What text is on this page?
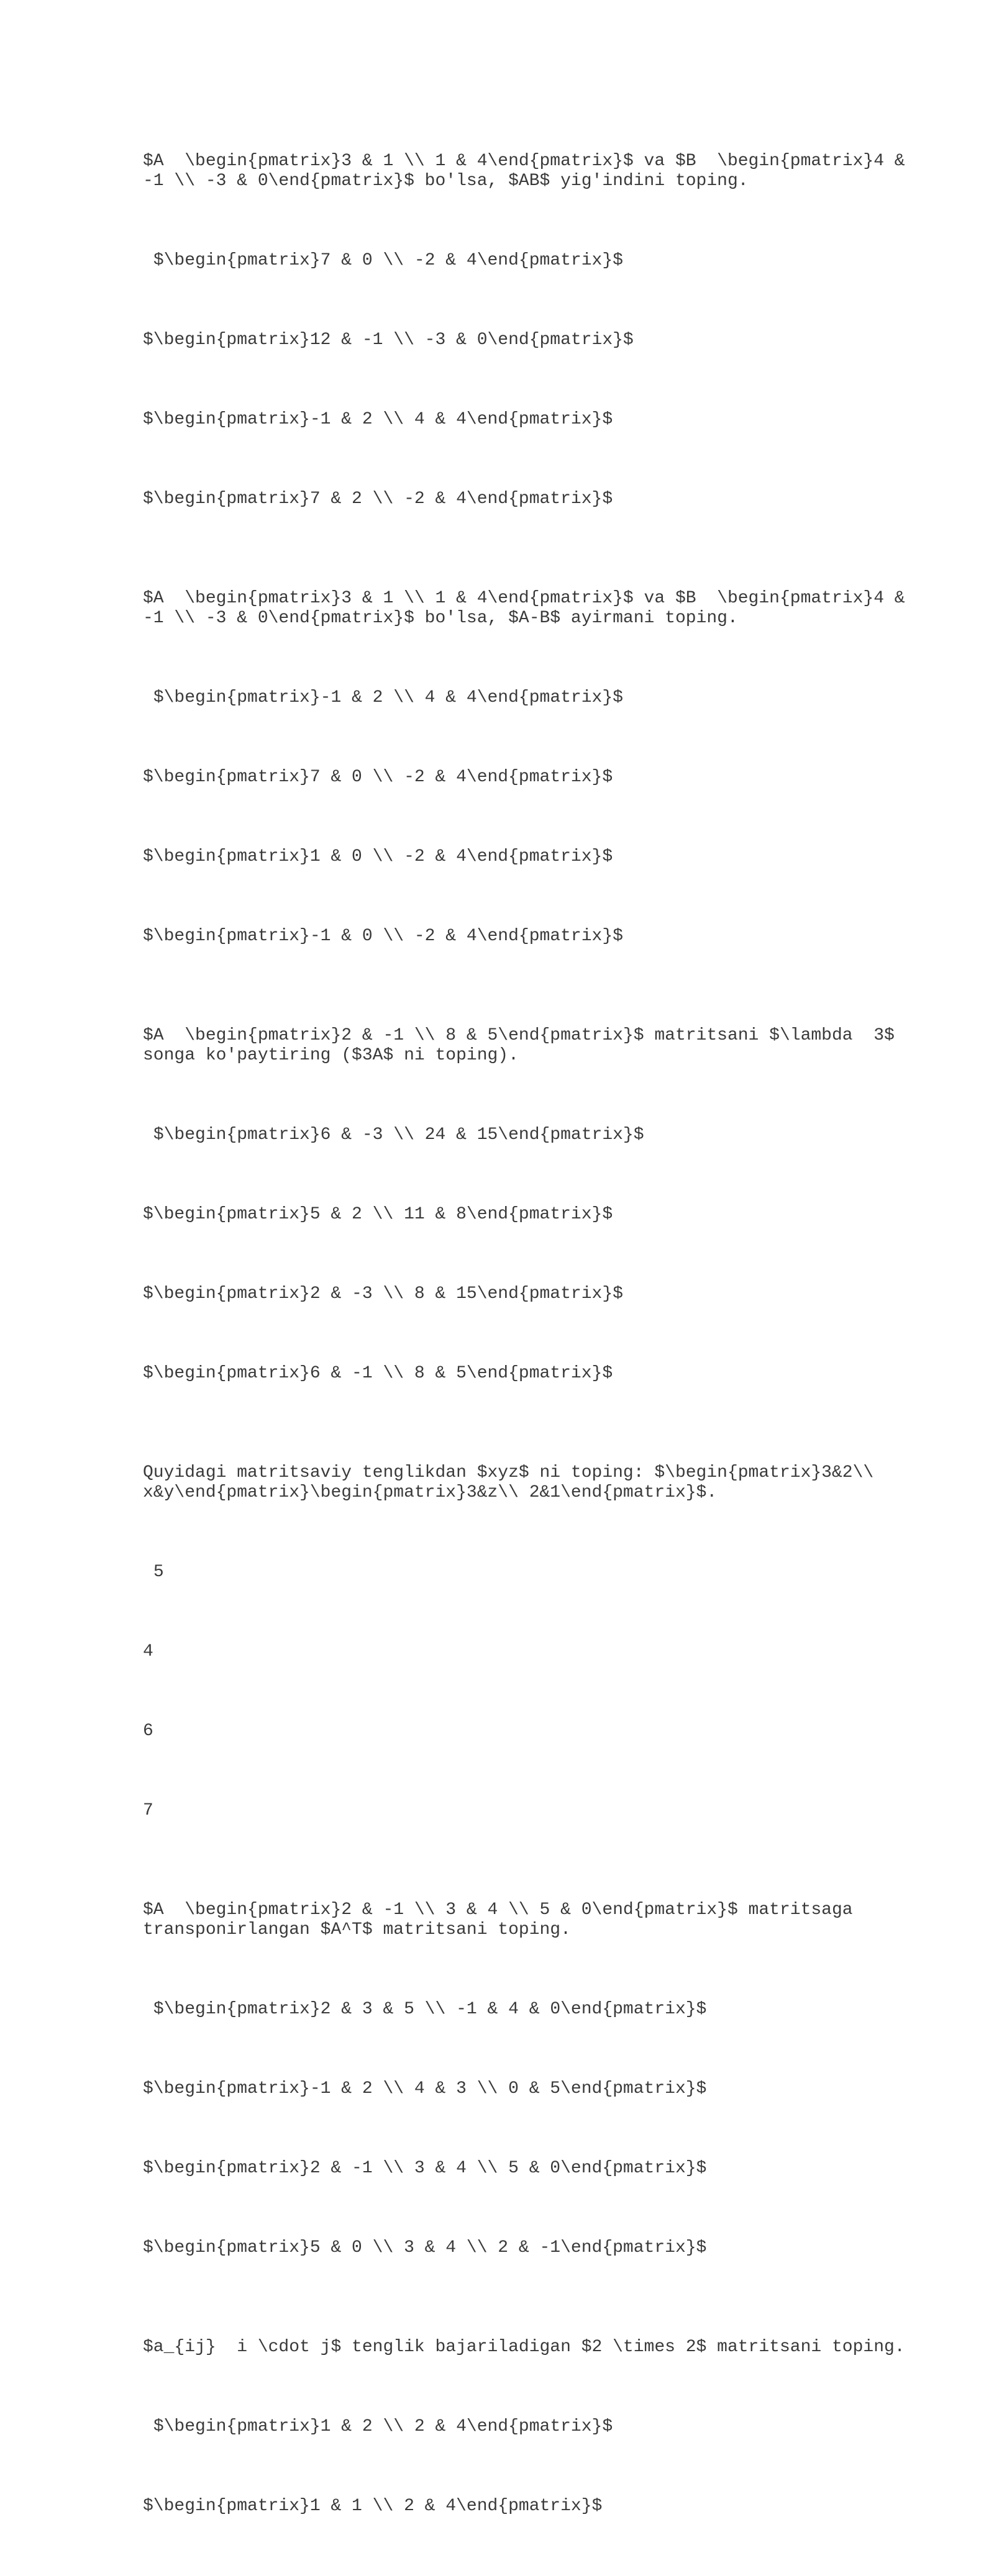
$A  \begin{pmatrix}3 & 1 \\ 1 & 4\end{pmatrix}$ va $B  \begin{pmatrix}4 &
-1 \\ -3 & 0\end{pmatrix}$ bo'lsa, $AB$ yig'indini toping.

$\begin{pmatrix}7 & 0 \\ -2 & 4\end{pmatrix}$

$\begin{pmatrix}12 & -1 \\ -3 & 0\end{pmatrix}$

$\begin{pmatrix}-1 & 2 \\ 4 & 4\end{pmatrix}$

$\begin{pmatrix}7 & 2 \\ -2 & 4\end{pmatrix}$

$A  \begin{pmatrix}3 & 1 \\ 1 & 4\end{pmatrix}$ va $B  \begin{pmatrix}4 &
-1 \\ -3 & 0\end{pmatrix}$ bo'lsa, $A-B$ ayirmani toping.

$\begin{pmatrix}-1 & 2 \\ 4 & 4\end{pmatrix}$

$\begin{pmatrix}7 & 0 \\ -2 & 4\end{pmatrix}$

$\begin{pmatrix}1 & 0 \\ -2 & 4\end{pmatrix}$

$\begin{pmatrix}-1 & 0 \\ -2 & 4\end{pmatrix}$

$A  \begin{pmatrix}2 & -1 \\ 8 & 5\end{pmatrix}$ matritsani $\lambda  3$
songa ko'paytiring ($3A$ ni toping).

$\begin{pmatrix}6 & -3 \\ 24 & 15\end{pmatrix}$

$\begin{pmatrix}5 & 2 \\ 11 & 8\end{pmatrix}$

$\begin{pmatrix}2 & -3 \\ 8 & 15\end{pmatrix}$

$\begin{pmatrix}6 & -1 \\ 8 & 5\end{pmatrix}$

Quyidagi matritsaviy tenglikdan $xyz$ ni toping: $\begin{pmatrix}3&2\\
x&y\end{pmatrix}\begin{pmatrix}3&z\\ 2&1\end{pmatrix}$.

5

4

6

7

$A  \begin{pmatrix}2 & -1 \\ 3 & 4 \\ 5 & 0\end{pmatrix}$ matritsaga
transponirlangan $A^T$ matritsani toping.

$\begin{pmatrix}2 & 3 & 5 \\ -1 & 4 & 0\end{pmatrix}$

$\begin{pmatrix}-1 & 2 \\ 4 & 3 \\ 0 & 5\end{pmatrix}$

$\begin{pmatrix}2 & -1 \\ 3 & 4 \\ 5 & 0\end{pmatrix}$

$\begin{pmatrix}5 & 0 \\ 3 & 4 \\ 2 & -1\end{pmatrix}$

$a_{ij}  i \cdot j$ tenglik bajariladigan $2 \times 2$ matritsani toping.

$\begin{pmatrix}1 & 2 \\ 2 & 4\end{pmatrix}$

$\begin{pmatrix}1 & 1 \\ 2 & 4\end{pmatrix}$
